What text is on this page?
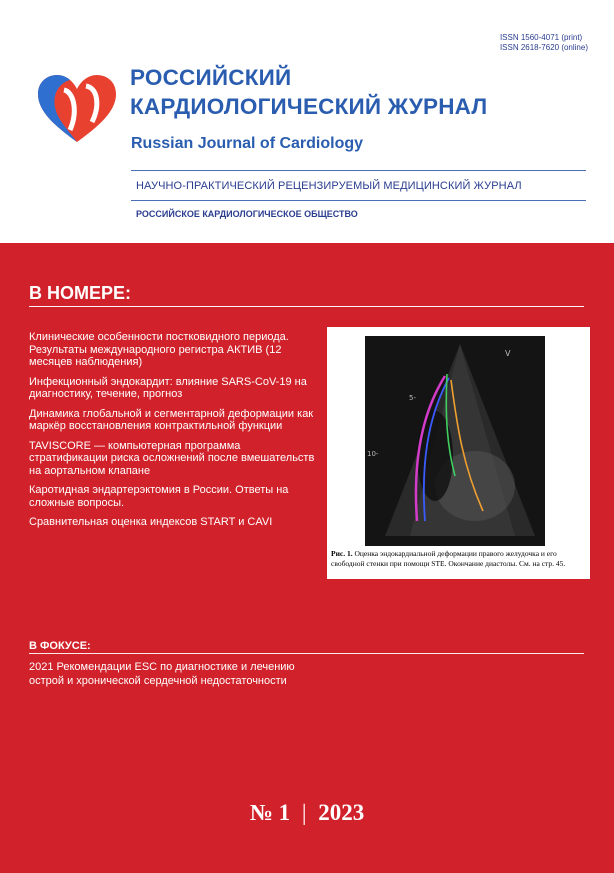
ISSN 1560-4071 (print)
ISSN 2618-7620 (online)
РОССИЙСКИЙ
КАРДИОЛОГИЧЕСКИЙ ЖУРНАЛ
Russian Journal of Cardiology
НАУЧНО-ПРАКТИЧЕСКИЙ РЕЦЕНЗИРУЕМЫЙ МЕДИЦИНСКИЙ ЖУРНАЛ
РОССИЙСКОЕ КАРДИОЛОГИЧЕСКОЕ ОБЩЕСТВО
В НОМЕРЕ:
Клинические особенности постковидного периода. Результаты международного регистра АКТИВ (12 месяцев наблюдения)
Инфекционный эндокардит: влияние SARS-CoV-19 на диагностику, течение, прогноз
Динамика глобальной и сегментарной деформации как маркёр восстановления контрактильной функции
TAVISCORE — компьютерная программа стратификации риска осложнений после вмешательств на аортальном клапане
Каротидная эндартерэктомия в России. Ответы на сложные вопросы.
Сравнительная оценка индексов START и CAVI
V
5-
10-
Рис. 1. Оценка эндокардиальной деформации правого желудочка и его свободной стенки при помощи STE. Окончание диастолы. См. на стр. 45.
В ФОКУСЕ:
2021 Рекомендации ESC по диагностике и лечению острой и хронической сердечной недостаточности
№ 1 | 2023
